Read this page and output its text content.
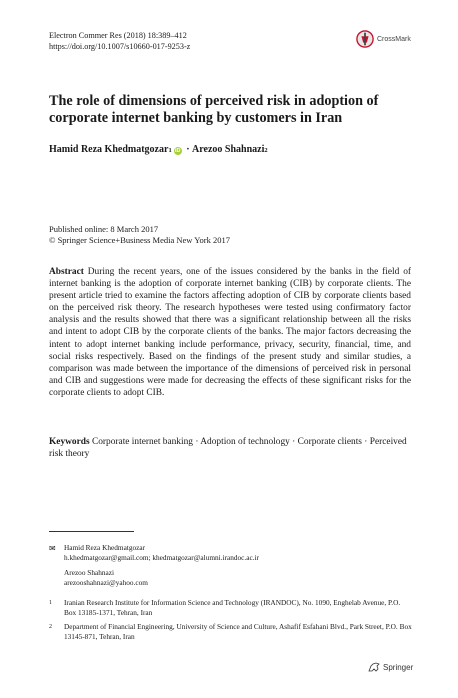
Electron Commer Res (2018) 18:389–412
https://doi.org/10.1007/s10660-017-9253-z
CrossMark
The role of dimensions of perceived risk in adoption of corporate internet banking by customers in Iran
Hamid Reza Khedmatgozar 1 iD · Arezoo Shahnazi 2
Published online: 8 March 2017
© Springer Science+Business Media New York 2017
Abstract During the recent years, one of the issues considered by the banks in the field of internet banking is the adoption of corporate internet banking (CIB) by corporate clients. The present article tried to examine the factors affecting adoption of CIB by corporate clients based on the perceived risk theory. The research hypotheses were tested using confirmatory factor analysis and the results showed that there was a significant relationship between all the risks and intent to adopt CIB by the corporate clients of the banks. The major factors decreasing the intent to adopt internet banking include performance, privacy, security, financial, time, and social risks respectively. Based on the findings of the present study and similar studies, a comparison was made between the importance of the dimensions of perceived risk in personal and CIB and suggestions were made for decreasing the effects of these significant risks for the corporate clients to adopt CIB.
Keywords Corporate internet banking · Adoption of technology · Corporate clients · Perceived risk theory
✉ Hamid Reza Khedmatgozar
h.khedmatgozar@gmail.com; khedmatgozar@alumni.irandoc.ac.ir
Arezoo Shahnazi
arezooshahnazi@yahoo.com
1 Iranian Research Institute for Information Science and Technology (IRANDOC), No. 1090, Enghelab Avenue, P.O. Box 13185-1371, Tehran, Iran
2 Department of Financial Engineering, University of Science and Culture, Ashafif Esfahani Blvd., Park Street, P.O. Box 13145-871, Tehran, Iran
Springer
